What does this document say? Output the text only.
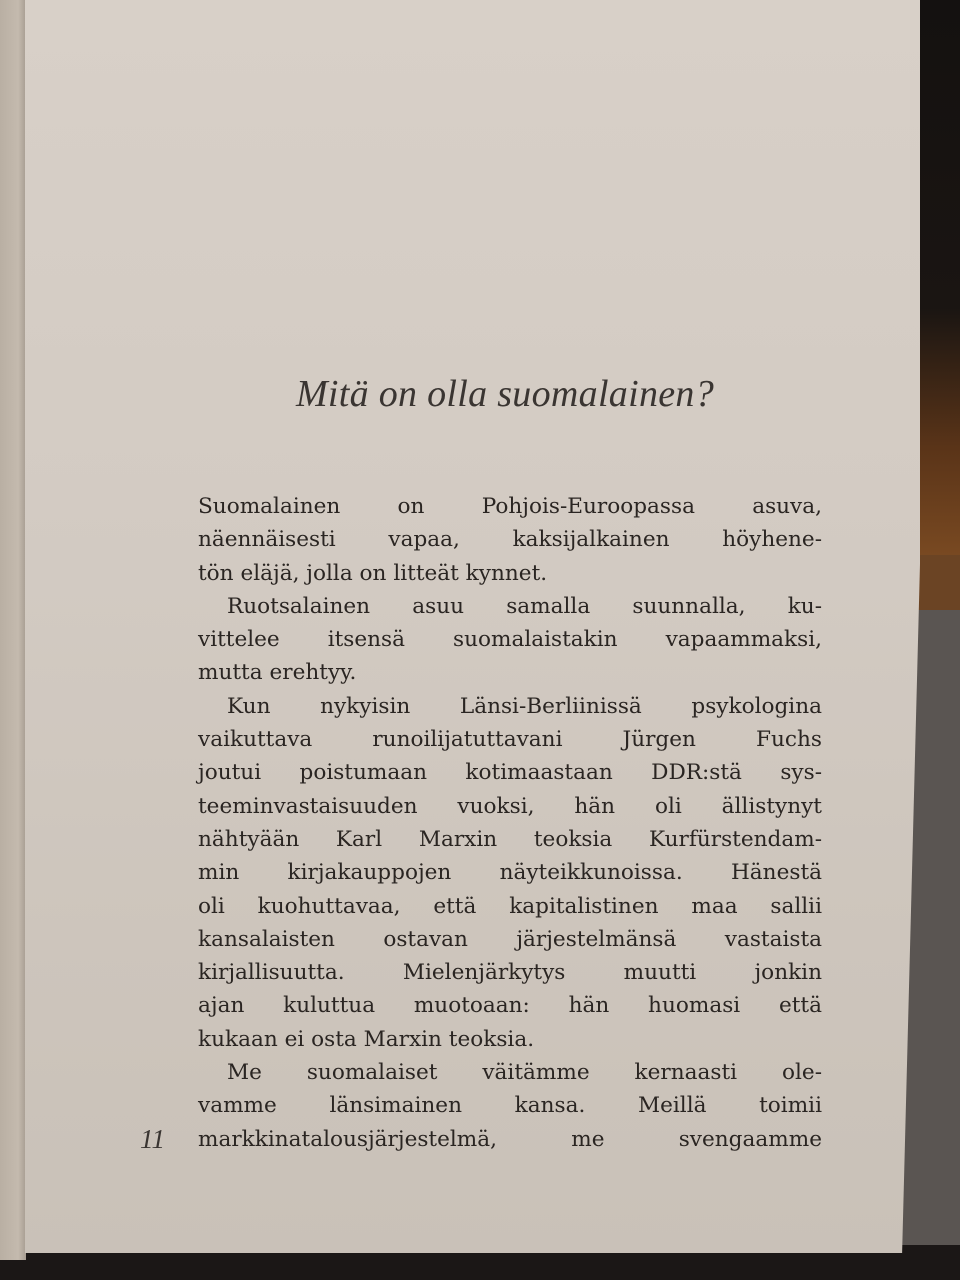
Mitä on olla suomalainen?
Suomalainen on Pohjois-Euroopassa asuva,
näennäisesti vapaa, kaksijalkainen höyhene-
tön eläjä, jolla on litteät kynnet.
Ruotsalainen asuu samalla suunnalla, ku-
vittelee itsensä suomalaistakin vapaammaksi,
mutta erehtyy.
Kun nykyisin Länsi-Berliinissä psykologina
vaikuttava runoilijatuttavani Jürgen Fuchs
joutui poistumaan kotimaastaan DDR:stä sys-
teeminvastaisuuden vuoksi, hän oli ällistynyt
nähtyään Karl Marxin teoksia Kurfürstendam-
min kirjakauppojen näyteikkunoissa. Hänestä
oli kuohuttavaa, että kapitalistinen maa sallii
kansalaisten ostavan järjestelmänsä vastaista
kirjallisuutta. Mielenjärkytys muutti jonkin
ajan kuluttua muotoaan: hän huomasi että
kukaan ei osta Marxin teoksia.
Me suomalaiset väitämme kernaasti ole-
vamme länsimainen kansa. Meillä toimii
markkinatalousjärjestelmä, me svengaamme
11
